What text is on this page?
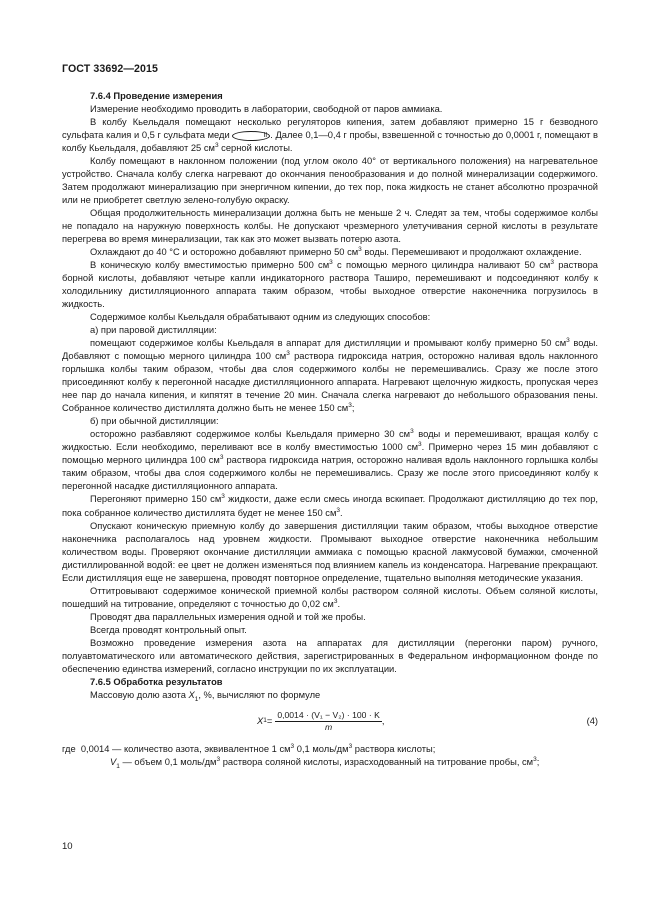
ГОСТ 33692—2015

7.6.4 Проведение измерения

Измерение необходимо проводить в лаборатории, свободной от паров аммиака.

В колбу Кьельдаля помещают несколько регуляторов кипения, затем добавляют примерно 15 г безводного сульфата калия и 0,5 г сульфата меди	II . Далее 0,1—0,4 г пробы, взвешенной с точностью до 0,0001 г, помещают в колбу Кьельдаля, добавляют 25 $см^3$ серной кислоты.

Колбу помещают в наклонном положении (под углом около 40° от вертикального положения) на нагревательное устройство. Сначала колбу слегка нагревают до окончания пенообразования и до полной минерализации содержимого. Затем продолжают минерализацию при энергичном кипении, до тех пор, пока жидкость не станет абсолютно прозрачной или не приобретет светлую зелено-голубую окраску.

Общая продолжительность минерализации должна быть не меньше 2 ч. Следят за тем, чтобы содержимое колбы не попадало на наружную поверхность колбы. Не допускают чрезмерного улетучивания серной кислоты в результате перегрева во время минерализации, так как это может вызвать потерю азота.

Охлаждают до 40 °С и осторожно добавляют примерно 50 $см^3$ воды. Перемешивают и продолжают охлаждение.

В коническую колбу вместимостью примерно 500 $см^3$ с помощью мерного цилиндра наливают 50 $см^3$ раствора борной кислоты, добавляют четыре капли индикаторного раствора Таширо, перемешивают и подсоединяют колбу к холодильнику дистилляционного аппарата таким образом, чтобы выходное отверстие наконечника погрузилось в жидкость.

Содержимое колбы Кьельдаля обрабатывают одним из следующих способов:

а) при паровой дистилляции:

помещают содержимое колбы Кьельдаля в аппарат для дистилляции и промывают колбу примерно 50 $см^3$ воды. Добавляют с помощью мерного цилиндра 100 $см^3$ раствора гидроксида натрия, осторожно наливая вдоль наклонного горлышка колбы таким образом, чтобы два слоя содержимого колбы не перемешивались. Сразу же после этого присоединяют колбу к перегонной насадке дистилляционного аппарата. Нагревают щелочную жидкость, пропуская через нее пар до начала кипения, и кипятят в течение 20 мин. Сначала слегка нагревают до небольшого образования пены. Собранное количество дистиллята должно быть не менее 150 $см^3$;

б) при обычной дистилляции:

осторожно разбавляют содержимое колбы Кьельдаля примерно 30 $см^3$ воды и перемешивают, вращая колбу с жидкостью. Если необходимо, переливают все в колбу вместимостью 1000 $см^3$. Примерно через 15 мин добавляют с помощью мерного цилиндра 100 $см^3$ раствора гидроксида натрия, осторожно наливая вдоль наклонного горлышка колбы таким образом, чтобы два слоя содержимого колбы не перемешивались. Сразу же после этого присоединяют колбу к перегонной насадке дистилляционного аппарата.

Перегоняют примерно 150 $см^3$ жидкости, даже если смесь иногда вскипает. Продолжают дистилляцию до тех пор, пока собранное количество дистиллята будет не менее 150 $см^3$.

Опускают коническую приемную колбу до завершения дистилляции таким образом, чтобы выходное отверстие наконечника располагалось над уровнем жидкости. Промывают выходное отверстие наконечника небольшим количеством воды. Проверяют окончание дистилляции аммиака с помощью красной лакмусовой бумажки, смоченной дистиллированной водой: ее цвет не должен изменяться под влиянием капель из конденсатора. Нагревание прекращают. Если дистилляция еще не завершена, проводят повторное определение, тщательно выполняя методические указания.

Оттитровывают содержимое конической приемной колбы раствором соляной кислоты. Объем соляной кислоты, пошедший на титрование, определяют с точностью до 0,02 $см^3$.

Проводят два параллельных измерения одной и той же пробы.

Всегда проводят контрольный опыт.

Возможно проведение измерения азота на аппаратах для дистилляции (перегонки паром) ручного, полуавтоматического или автоматического действия, зарегистрированных в Федеральном информационном фонде по обеспечению единства измерений, согласно инструкции по их эксплуатации.

7.6.5 Обработка результатов

Массовую долю азота $X_1$, %, вычисляют по формуле

X $1 = \frac{\text{0,0014 · (V₁ − V₂) · 100 · K}}{m}$ ,	(4)

где 0,0014 — количество азота, эквивалентное 1 $см^3$ 0,1 моль/$дм^3$ раствора кислоты;

$V_1$ — объем 0,1 моль/$дм^3$ раствора соляной кислоты, израсходованный на титрование пробы, $см^3$;

10
